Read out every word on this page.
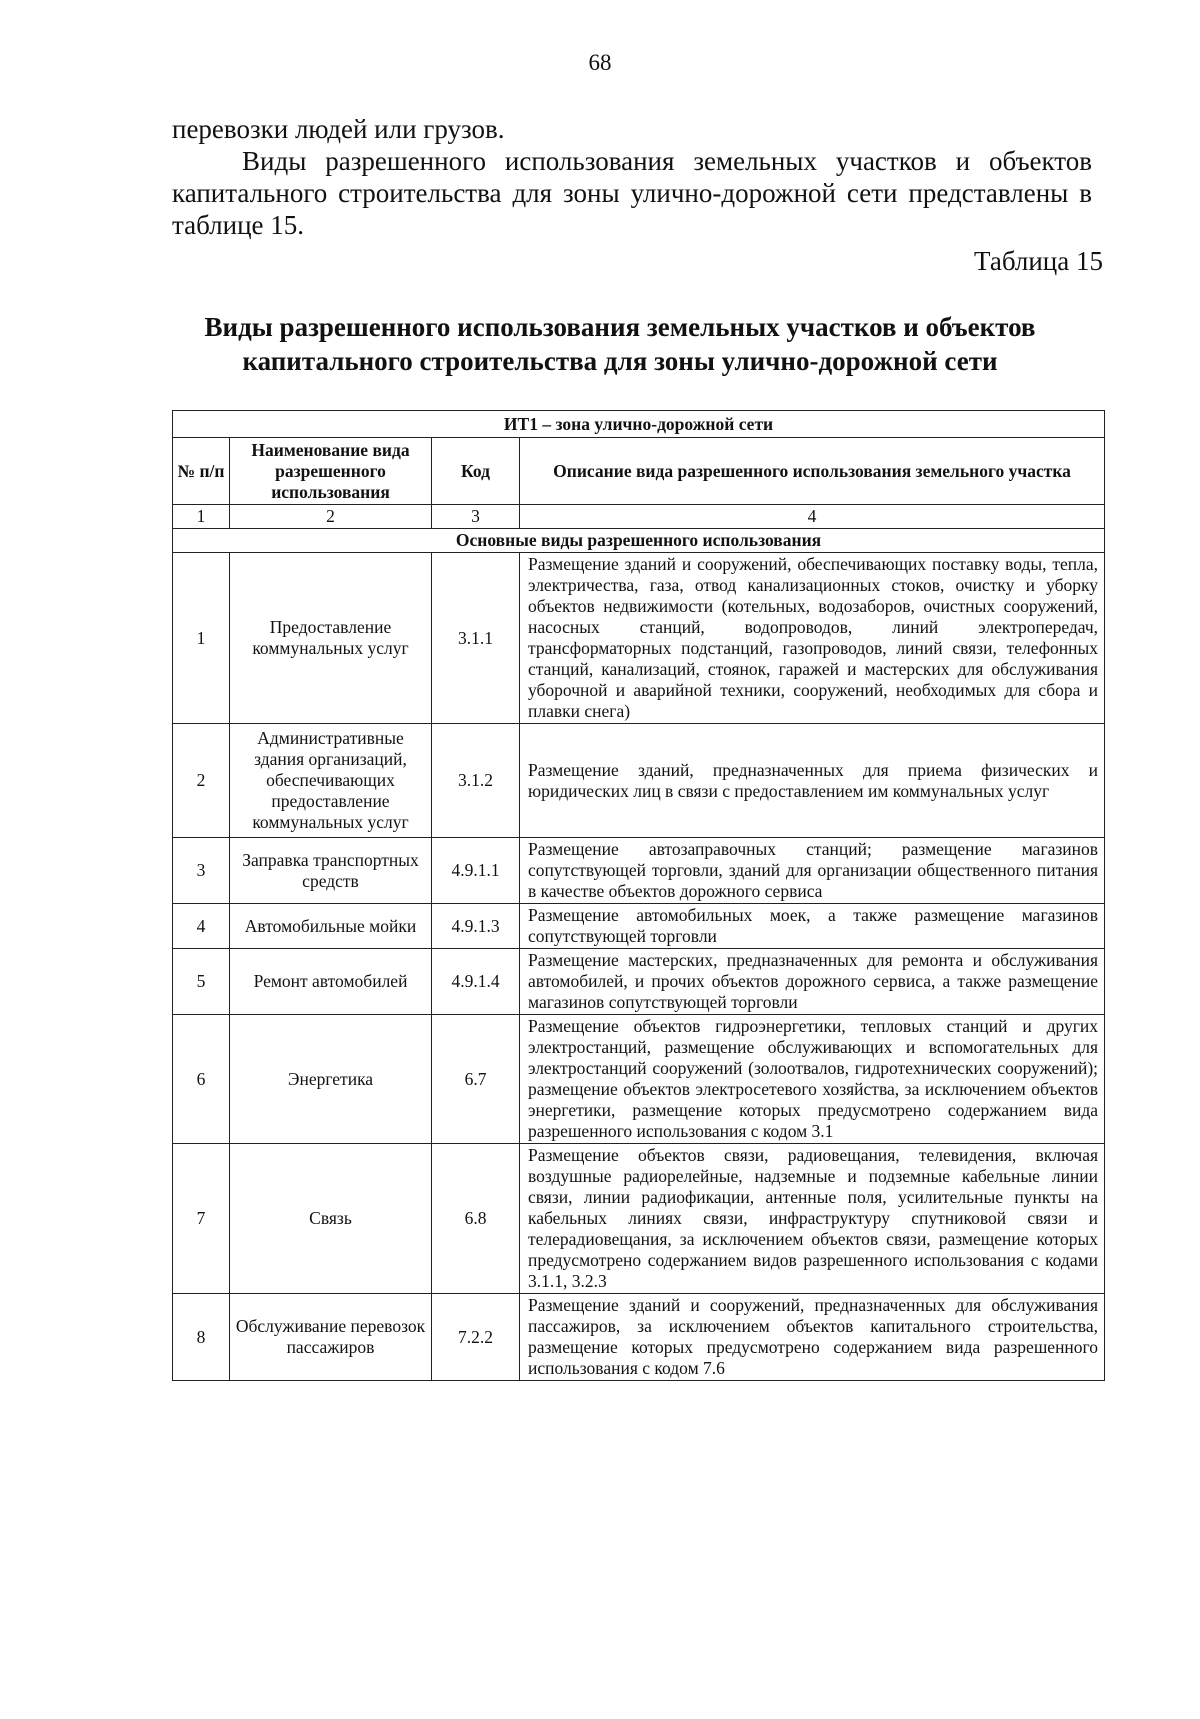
68

перевозки людей или грузов.

Виды разрешенного использования земельных участков и объектов капитального строительства для зоны улично-дорожной сети представлены в таблице 15.

Таблица 15
Виды разрешенного использования земельных участков и объектов
капитального строительства для зоны улично-дорожной сети
ИТ1 – зона улично-дорожной сети			
№ п/п	Наименование вида разрешенного использования	Код	Описание вида разрешенного использования земельного участка
1	2	3	4
Основные виды разрешенного использования			
1	Предоставление коммунальных услуг	3.1.1	Размещение зданий и сооружений, обеспечивающих поставку воды, тепла, электричества, газа, отвод канализационных стоков, очистку и уборку объектов недвижимости (котельных, водозаборов, очистных сооружений, насосных станций, водопроводов, линий электропередач, трансформаторных подстанций, газопроводов, линий связи, телефонных станций, канализаций, стоянок, гаражей и мастерских для обслуживания уборочной и аварийной техники, сооружений, необходимых для сбора и плавки снега)
2	Административные здания организаций, обеспечивающих предоставление коммунальных услуг	3.1.2	Размещение зданий, предназначенных для приема физических и юридических лиц в связи с предоставлением им коммунальных услуг
3	Заправка транспортных средств	4.9.1.1	Размещение автозаправочных станций; размещение магазинов сопутствующей торговли, зданий для организации общественного питания в качестве объектов дорожного сервиса
4	Автомобильные мойки	4.9.1.3	Размещение автомобильных моек, а также размещение магазинов сопутствующей торговли
5	Ремонт автомобилей	4.9.1.4	Размещение мастерских, предназначенных для ремонта и обслуживания автомобилей, и прочих объектов дорожного сервиса, а также размещение магазинов сопутствующей торговли
6	Энергетика	6.7	Размещение объектов гидроэнергетики, тепловых станций и других электростанций, размещение обслуживающих и вспомогательных для электростанций сооружений (золоотвалов, гидротехнических сооружений); размещение объектов электросетевого хозяйства, за исключением объектов энергетики, размещение которых предусмотрено содержанием вида разрешенного использования с кодом 3.1
7	Связь	6.8	Размещение объектов связи, радиовещания, телевидения, включая воздушные радиорелейные, надземные и подземные кабельные линии связи, линии радиофикации, антенные поля, усилительные пункты на кабельных линиях связи, инфраструктуру спутниковой связи и телерадиовещания, за исключением объектов связи, размещение которых предусмотрено содержанием видов разрешенного использования с кодами 3.1.1, 3.2.3
8	Обслуживание перевозок пассажиров	7.2.2	Размещение зданий и сооружений, предназначенных для обслуживания пассажиров, за исключением объектов капитального строительства, размещение которых предусмотрено содержанием вида разрешенного использования с кодом 7.6
